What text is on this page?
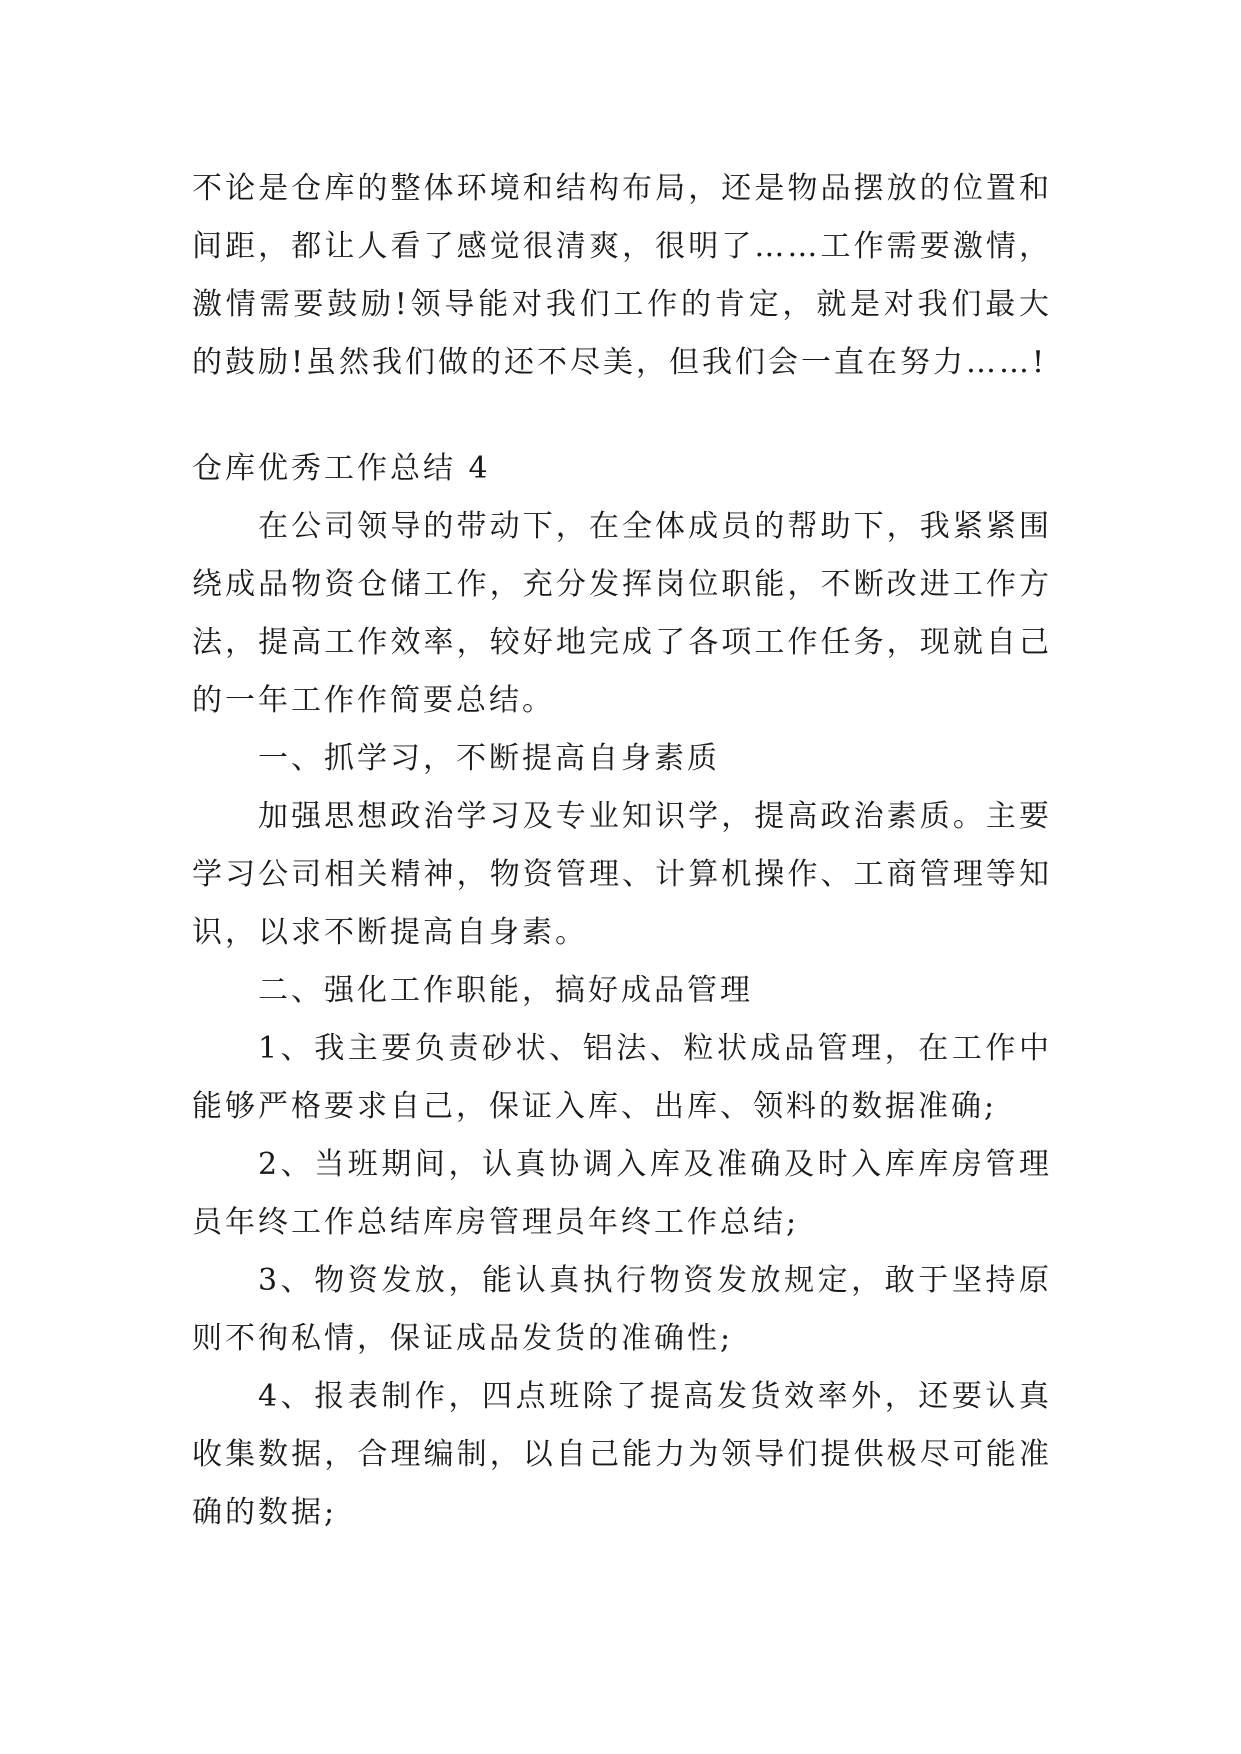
不论是仓库的整体环境和结构布局，还是物品摆放的位置和间距，都让人看了感觉很清爽，很明了……工作需要激情，激情需要鼓励!领导能对我们工作的肯定，就是对我们最大的鼓励!虽然我们做的还不尽美，但我们会一直在努力……!

仓库优秀工作总结 4

在公司领导的带动下，在全体成员的帮助下，我紧紧围绕成品物资仓储工作，充分发挥岗位职能，不断改进工作方法，提高工作效率，较好地完成了各项工作任务，现就自己的一年工作作简要总结。

一、抓学习，不断提高自身素质

加强思想政治学习及专业知识学，提高政治素质。主要学习公司相关精神，物资管理、计算机操作、工商管理等知识，以求不断提高自身素。

二、强化工作职能，搞好成品管理

1、我主要负责砂状、铝法、粒状成品管理，在工作中能够严格要求自己，保证入库、出库、领料的数据准确;

2、当班期间，认真协调入库及准确及时入库库房管理员年终工作总结库房管理员年终工作总结;

3、物资发放，能认真执行物资发放规定，敢于坚持原则不徇私情，保证成品发货的准确性;

4、报表制作，四点班除了提高发货效率外，还要认真收集数据，合理编制，以自己能力为领导们提供极尽可能准确的数据;
